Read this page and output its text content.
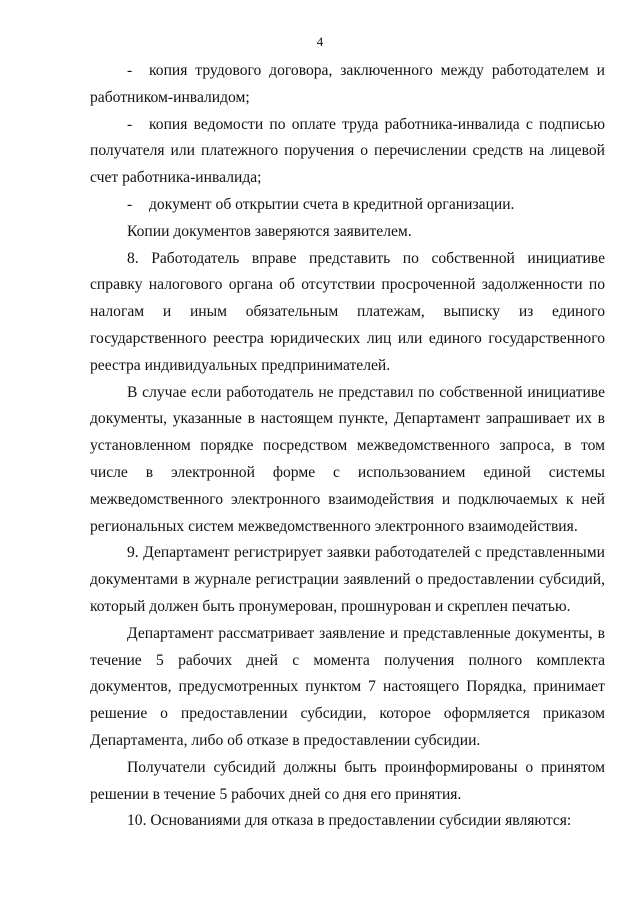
4

- копия трудового договора, заключенного между работодателем и работником-инвалидом;

- копия ведомости по оплате труда работника-инвалида с подписью получателя или платежного поручения о перечислении средств на лицевой счет работника-инвалида;

- документ об открытии счета в кредитной организации.

Копии документов заверяются заявителем.

8. Работодатель вправе представить по собственной инициативе справку налогового органа об отсутствии просроченной задолженности по налогам и иным обязательным платежам, выписку из единого государственного реестра юридических лиц или единого государственного реестра индивидуальных предпринимателей.

В случае если работодатель не представил по собственной инициативе документы, указанные в настоящем пункте, Департамент запрашивает их в установленном порядке посредством межведомственного запроса, в том числе в электронной форме с использованием единой системы межведомственного электронного взаимодействия и подключаемых к ней региональных систем межведомственного электронного взаимодействия.

9. Департамент регистрирует заявки работодателей с представленными документами в журнале регистрации заявлений о предоставлении субсидий, который должен быть пронумерован, прошнурован и скреплен печатью.

Департамент рассматривает заявление и представленные документы, в течение 5 рабочих дней с момента получения полного комплекта документов, предусмотренных пунктом 7 настоящего Порядка, принимает решение о предоставлении субсидии, которое оформляется приказом Департамента, либо об отказе в предоставлении субсидии.

Получатели субсидий должны быть проинформированы о принятом решении в течение 5 рабочих дней со дня его принятия.

10. Основаниями для отказа в предоставлении субсидии являются:
